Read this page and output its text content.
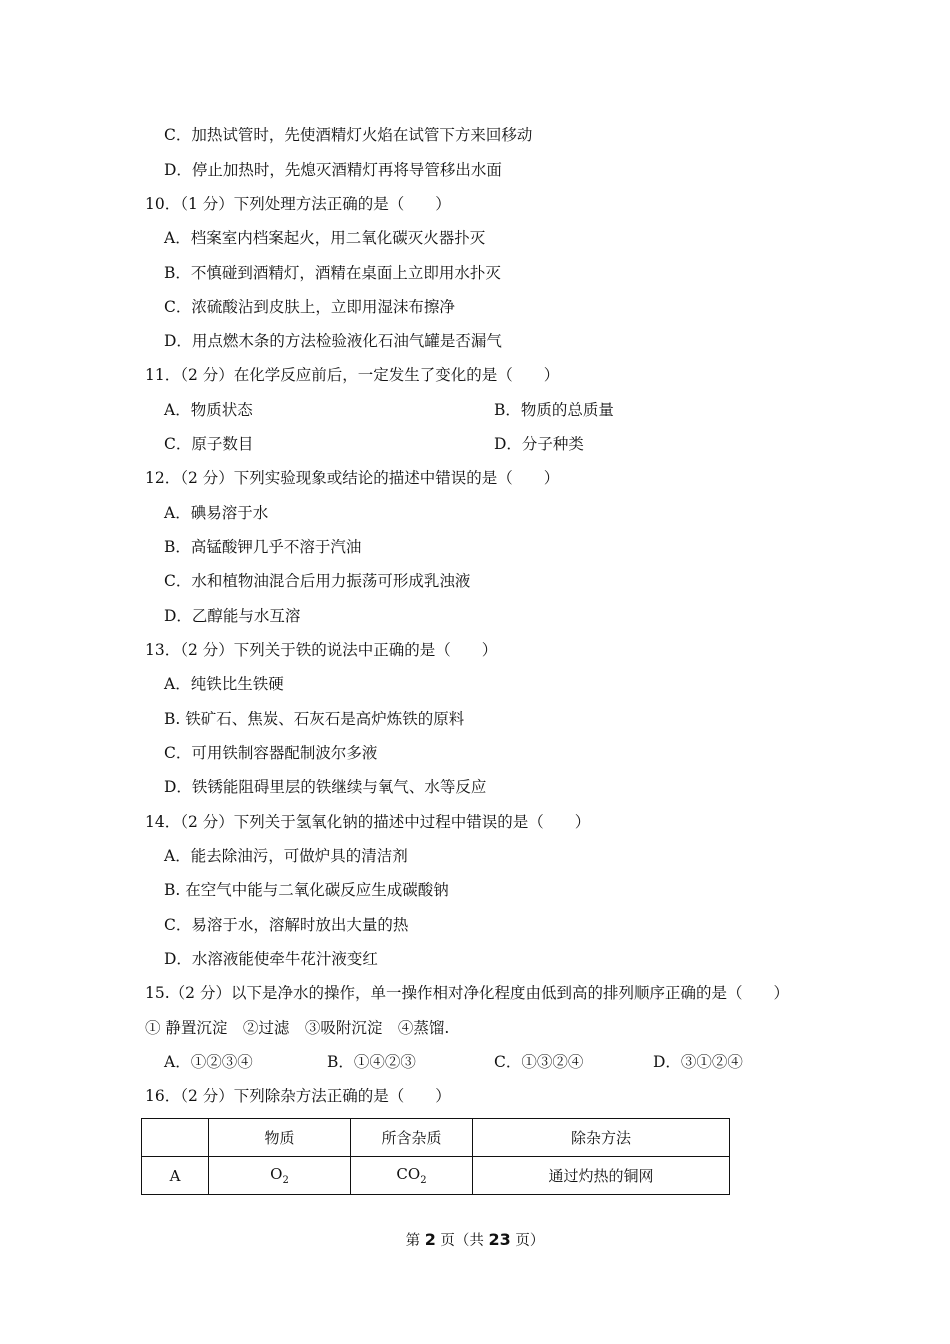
C．加热试管时，先使酒精灯火焰在试管下方来回移动
D．停止加热时，先熄灭酒精灯再将导管移出水面
10．（1 分）下列处理方法正确的是（　　）
A．档案室内档案起火，用二氧化碳灭火器扑灭
B．不慎碰到酒精灯，酒精在桌面上立即用水扑灭
C．浓硫酸沾到皮肤上，立即用湿沫布擦净
D．用点燃木条的方法检验液化石油气罐是否漏气
11．（2 分）在化学反应前后，一定发生了变化的是（　　）
A．物质状态	B．物质的总质量
C．原子数目	D．分子种类
12．（2 分）下列实验现象或结论的描述中错误的是（　　）
A．碘易溶于水
B．高锰酸钾几乎不溶于汽油
C．水和植物油混合后用力振荡可形成乳浊液
D．乙醇能与水互溶
13．（2 分）下列关于铁的说法中正确的是（　　）
A．纯铁比生铁硬
B. 铁矿石、焦炭、石灰石是高炉炼铁的原料
C．可用铁制容器配制波尔多液
D．铁锈能阻碍里层的铁继续与氧气、水等反应
14．（2 分）下列关于氢氧化钠的描述中过程中错误的是（　　）
A．能去除油污，可做炉具的清洁剂
B. 在空气中能与二氧化碳反应生成碳酸钠
C．易溶于水，溶解时放出大量的热
D．水溶液能使牵牛花汁液变红
15.（2 分）以下是净水的操作，单一操作相对净化程度由低到高的排列顺序正确的是（　　）
① 静置沉淀　②过滤　③吸附沉淀　④蒸馏.
A．①②③④	B．①④②③	C．①③②④	D．③①②④
16．（2 分）下列除杂方法正确的是（　　）
	物质	所含杂质	除杂方法
A	$O_2$	$CO_2$	通过灼热的铜网
第 2 页（共 23 页）
